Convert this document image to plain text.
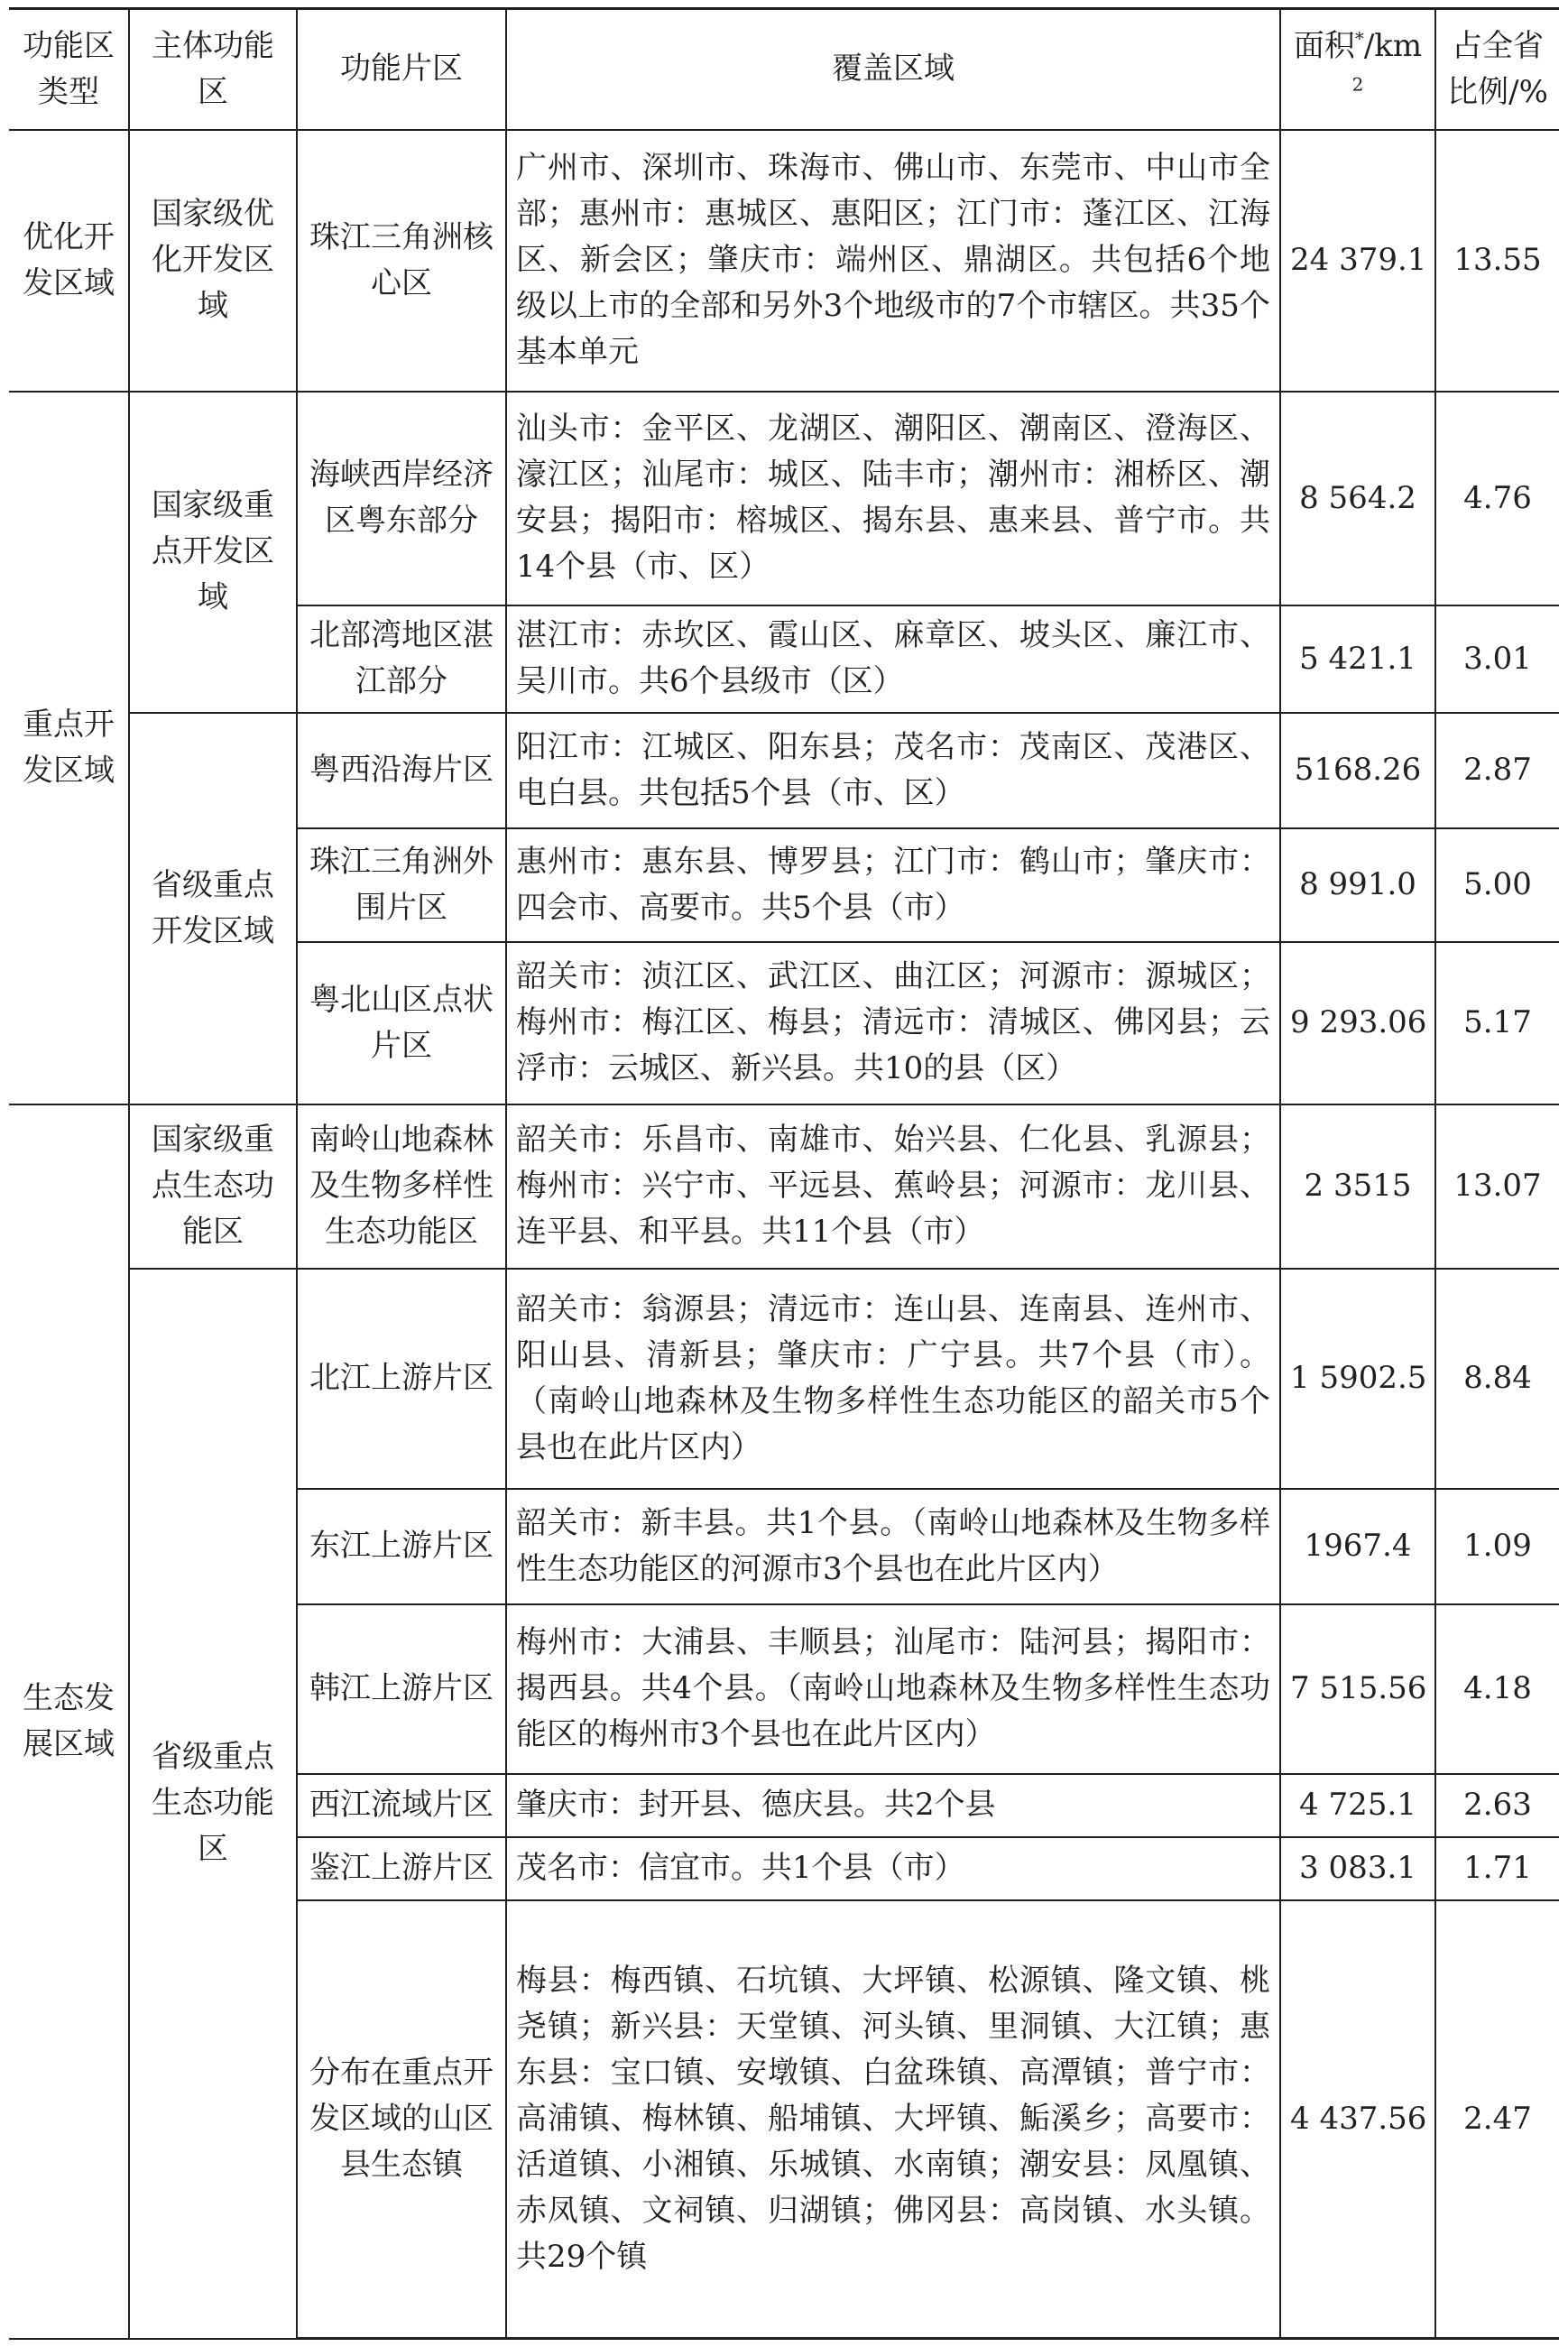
功能区类型	主体功能区	功能片区	覆盖区域	面积$^*/km^2$	占全省比例/%
优化开发区域	国家级优化开发区域	珠江三角洲核心区	广州市、深圳市、珠海市、佛山市、东莞市、中山市全部；惠州市：惠城区、惠阳区；江门市：蓬江区、江海区、新会区；肇庆市：端州区、鼎湖区。共包括6个地级以上市的全部和另外3个地级市的7个市辖区。共35个基本单元	24 379.1	13.55
重点开发区域	国家级重点开发区域	海峡西岸经济区粤东部分	汕头市：金平区、龙湖区、潮阳区、潮南区、澄海区、濠江区；汕尾市：城区、陆丰市；潮州市：湘桥区、潮安县；揭阳市：榕城区、揭东县、惠来县、普宁市。共14个县（市、区）	8 564.2	4.76
		北部湾地区湛江部分	湛江市：赤坎区、霞山区、麻章区、坡头区、廉江市、吴川市。共6个县级市（区）	5 421.1	3.01
	省级重点开发区域	粤西沿海片区	阳江市：江城区、阳东县；茂名市：茂南区、茂港区、电白县。共包括5个县（市、区）	5168.26	2.87
		珠江三角洲外围片区	惠州市：惠东县、博罗县；江门市：鹤山市；肇庆市：四会市、高要市。共5个县（市）	8 991.0	5.00
		粤北山区点状片区	韶关市：浈江区、武江区、曲江区；河源市：源城区；梅州市：梅江区、梅县；清远市：清城区、佛冈县；云浮市：云城区、新兴县。共10的县（区）	9 293.06	5.17
生态发展区域	国家级重点生态功能区	南岭山地森林及生物多样性生态功能区	韶关市：乐昌市、南雄市、始兴县、仁化县、乳源县；梅州市：兴宁市、平远县、蕉岭县；河源市：龙川县、连平县、和平县。共11个县（市）	2 3515	13.07
	省级重点生态功能区	北江上游片区	韶关市：翁源县；清远市：连山县、连南县、连州市、阳山县、清新县；肇庆市：广宁县。共7个县（市）。（南岭山地森林及生物多样性生态功能区的韶关市5个县也在此片区内）	1 5902.5	8.84
		东江上游片区	韶关市：新丰县。共1个县。（南岭山地森林及生物多样性生态功能区的河源市3个县也在此片区内）	1967.4	1.09
		韩江上游片区	梅州市：大浦县、丰顺县；汕尾市：陆河县；揭阳市：揭西县。共4个县。（南岭山地森林及生物多样性生态功能区的梅州市3个县也在此片区内）	7 515.56	4.18
		西江流域片区	肇庆市：封开县、德庆县。共2个县	4 725.1	2.63
		鉴江上游片区	茂名市：信宜市。共1个县（市）	3 083.1	1.71
		分布在重点开发区域的山区县生态镇	梅县：梅西镇、石坑镇、大坪镇、松源镇、隆文镇、桃尧镇；新兴县：天堂镇、河头镇、里洞镇、大江镇；惠东县：宝口镇、安墩镇、白盆珠镇、高潭镇；普宁市：高浦镇、梅林镇、船埔镇、大坪镇、鮜溪乡；高要市：活道镇、小湘镇、乐城镇、水南镇；潮安县：凤凰镇、赤凤镇、文祠镇、归湖镇；佛冈县：高岗镇、水头镇。共29个镇	4 437.56	2.47
